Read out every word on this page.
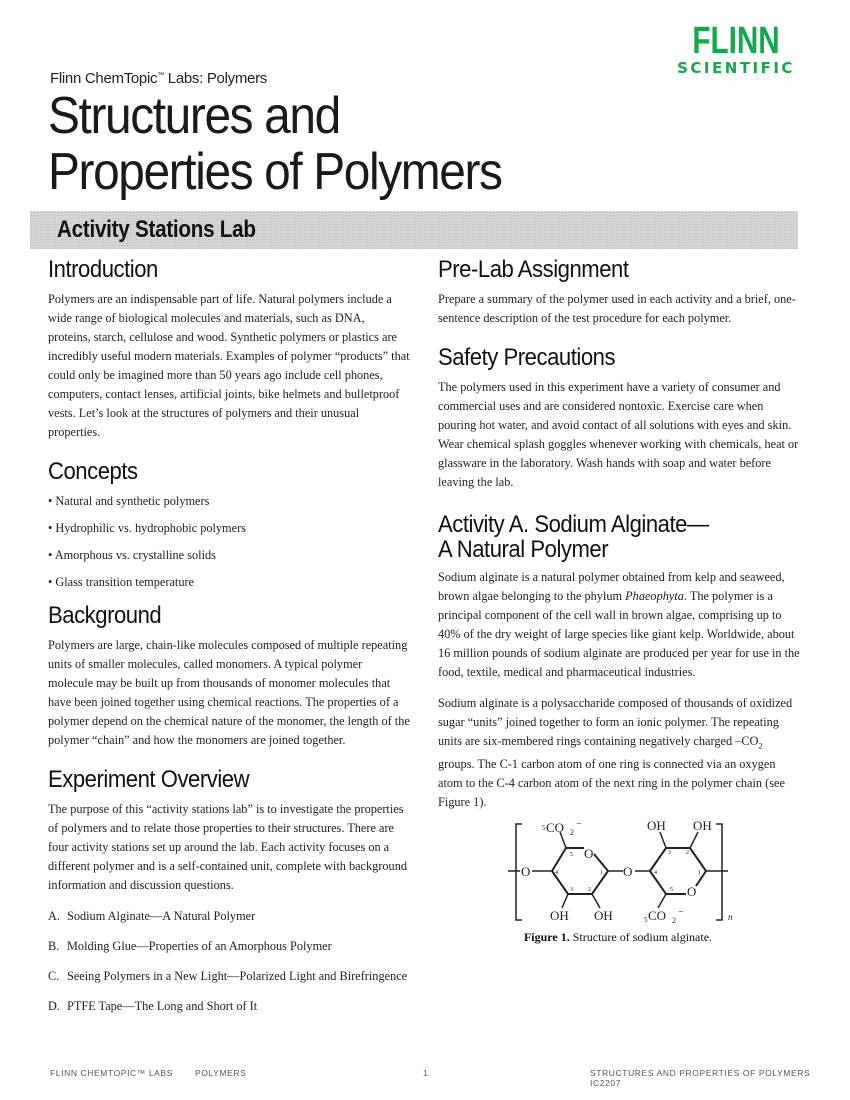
FLINN
SCIENTIFIC
Flinn ChemTopic™ Labs: Polymers
Structures and
Properties of Polymers
Activity Stations Lab
Introduction

Polymers are an indispensable part of life. Natural polymers include a wide range of biological molecules and materials, such as DNA, proteins, starch, cellulose and wood. Synthetic polymers or plastics are incredibly useful modern materials. Examples of polymer “products” that could only be imagined more than 50 years ago include cell phones, computers, contact lenses, artificial joints, bike helmets and bulletproof vests. Let’s look at the structures of polymers and their unusual properties.

Concepts

• Natural and synthetic polymers

• Hydrophilic vs. hydrophobic polymers

• Amorphous vs. crystalline solids

• Glass transition temperature

Background

Polymers are large, chain-like molecules composed of multiple repeating units of smaller molecules, called monomers. A typical polymer molecule may be built up from thousands of monomer molecules that have been joined together using chemical reactions. The properties of a polymer depend on the chemical nature of the monomer, the length of the polymer “chain” and how the monomers are joined together.

Experiment Overview

The purpose of this “activity stations lab” is to investigate the properties of polymers and to relate those properties to their structures. There are four activity stations set up around the lab. Each activity focuses on a different polymer and is a self-contained unit, complete with background information and discussion questions.

A. Sodium Alginate—A Natural Polymer

B. Molding Glue—Properties of an Amorphous Polymer

C. Seeing Polymers in a New Light—Polarized Light and Birefringence

D. PTFE Tape—The Long and Short of It

Pre-Lab Assignment

Prepare a summary of the polymer used in each activity and a brief, one-sentence description of the test procedure for each polymer.

Safety Precautions

The polymers used in this experiment have a variety of consumer and commercial uses and are considered nontoxic. Exercise care when pouring hot water, and avoid contact of all solutions with eyes and skin. Wear chemical splash goggles whenever working with chemicals, heat or glassware in the laboratory. Wash hands with soap and water before leaving the lab.

Activity A. Sodium Alginate—
A Natural Polymer

Sodium alginate is a natural polymer obtained from kelp and seaweed, brown algae belonging to the phylum Phaeophyta. The polymer is a principal component of the cell wall in brown algae, comprising up to 40% of the dry weight of large species like giant kelp. Worldwide, about 16 million pounds of sodium alginate are produced per year for use in the food, textile, medical and pharmaceutical industries.

Sodium alginate is a polysaccharide composed of thousands of oxidized sugar “units” joined together to form an ionic polymer. The repeating units are six-membered rings containing negatively charged $-CO_2$ groups. The C-1 carbon atom of one ring is connected via an oxygen atom to the C-4 carbon atom of the next ring in the polymer chain (see Figure 1).

O
O
O
O
5 CO 2
−
OH OH
OH OH
5 CO 2
−
5
4	1
3	2
3	2
4	1
5
n
Figure 1. Structure of sodium alginate.
FLINN CHEMTOPIC™ LABS	POLYMERS	1	STRUCTURES AND PROPERTIES OF POLYMERSIC2207
